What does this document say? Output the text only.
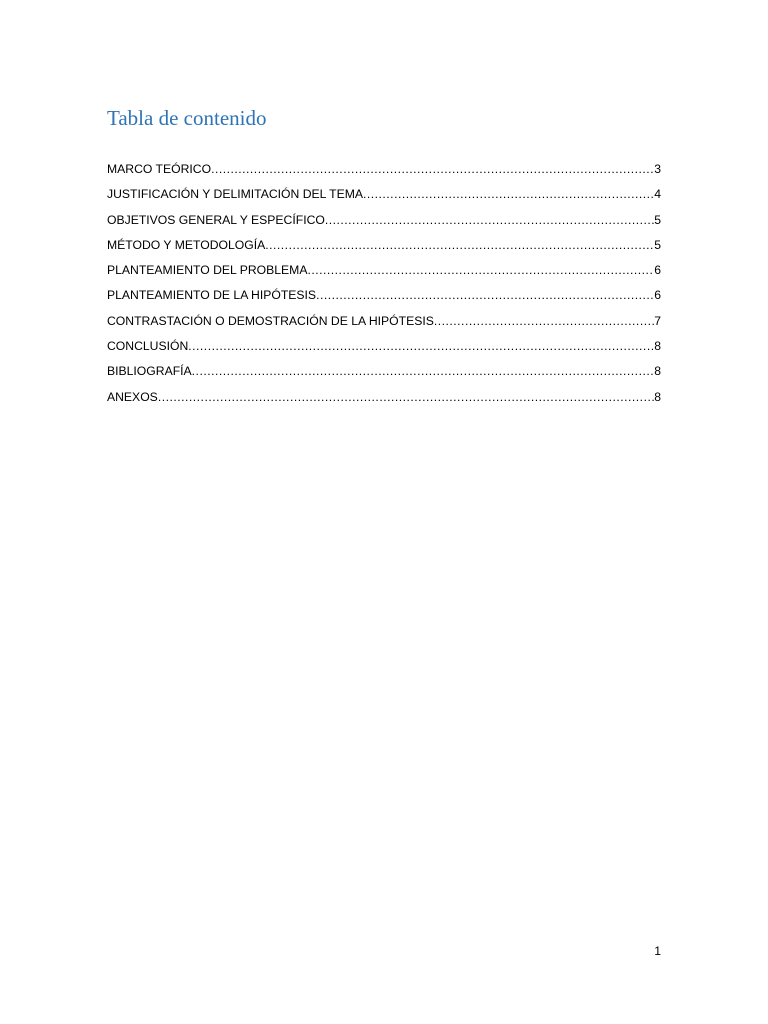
Tabla de contenido
MARCO TEÓRICO .....	3
JUSTIFICACIÓN Y DELIMITACIÓN DEL TEMA .....	4
OBJETIVOS GENERAL Y ESPECÍFICO .....	5
MÉTODO Y METODOLOGÍA .....	5
PLANTEAMIENTO DEL PROBLEMA .....	6
PLANTEAMIENTO DE LA HIPÓTESIS .....	6
CONTRASTACIÓN O DEMOSTRACIÓN DE LA HIPÓTESIS .....	7
CONCLUSIÓN .....	8
BIBLIOGRAFÍA .....	8
ANEXOS .....	8
1
